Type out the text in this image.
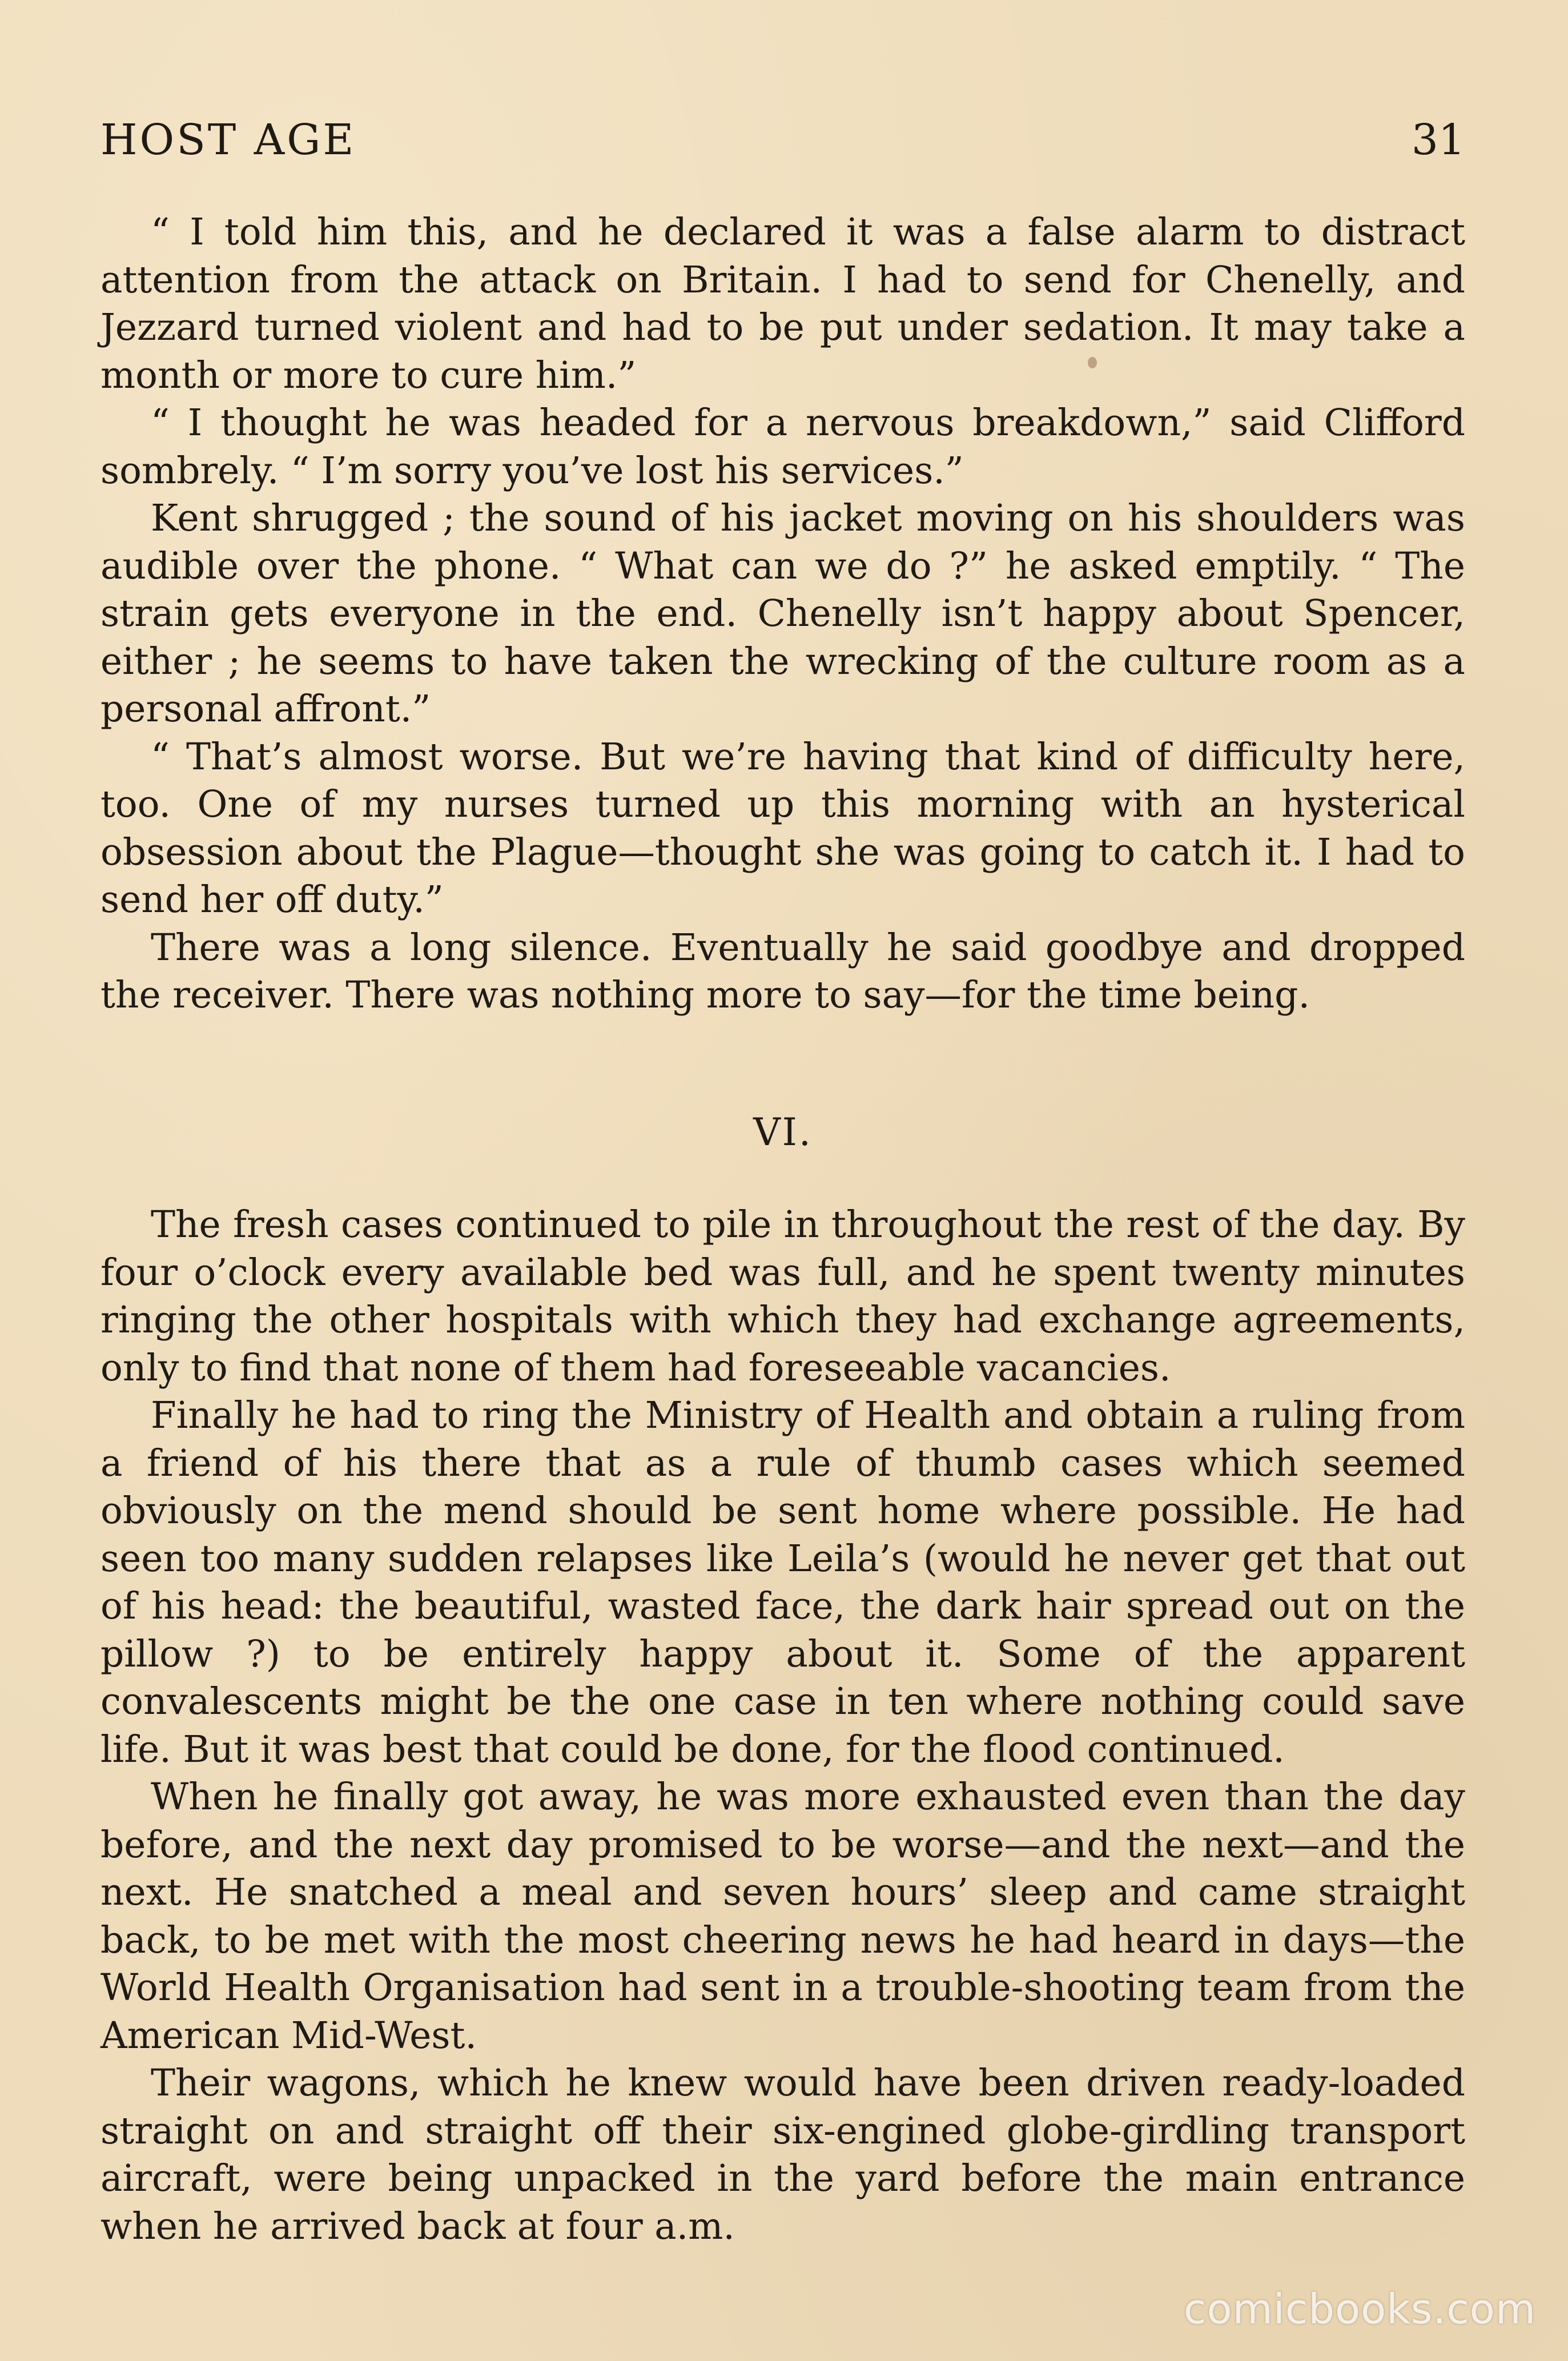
HOST AGE	31

“ I told him this, and he declared it was a false alarm to distract attention from the attack on Britain. I had to send for Chenelly, and Jezzard turned violent and had to be put under sedation. It may take a month or more to cure him.”

“ I thought he was headed for a nervous breakdown,” said Clifford sombrely. “ I’m sorry you’ve lost his services.”

Kent shrugged ; the sound of his jacket moving on his shoulders was audible over the phone. “ What can we do ?” he asked emptily. “ The strain gets everyone in the end. Chenelly isn’t happy about Spencer, either ; he seems to have taken the wrecking of the culture room as a personal affront.”

“ That’s almost worse. But we’re having that kind of difficulty here, too. One of my nurses turned up this morning with an hysterical obsession about the Plague—thought she was going to catch it. I had to send her off duty.”

There was a long silence. Eventually he said goodbye and dropped the receiver. There was nothing more to say—for the time being.

VI.

The fresh cases continued to pile in throughout the rest of the day. By four o’clock every available bed was full, and he spent twenty minutes ringing the other hospitals with which they had exchange agreements, only to find that none of them had foreseeable vacancies.

Finally he had to ring the Ministry of Health and obtain a ruling from a friend of his there that as a rule of thumb cases which seemed obviously on the mend should be sent home where possible. He had seen too many sudden relapses like Leila’s (would he never get that out of his head: the beautiful, wasted face, the dark hair spread out on the pillow ?) to be entirely happy about it. Some of the apparent convalescents might be the one case in ten where nothing could save life. But it was best that could be done, for the flood continued.

When he finally got away, he was more exhausted even than the day before, and the next day promised to be worse—and the next—and the next. He snatched a meal and seven hours’ sleep and came straight back, to be met with the most cheering news he had heard in days—the World Health Organisation had sent in a trouble-shooting team from the American Mid-West.

Their wagons, which he knew would have been driven ready-loaded straight on and straight off their six-engined globe-girdling transport aircraft, were being unpacked in the yard before the main entrance when he arrived back at four a.m.

comicbooks.com
